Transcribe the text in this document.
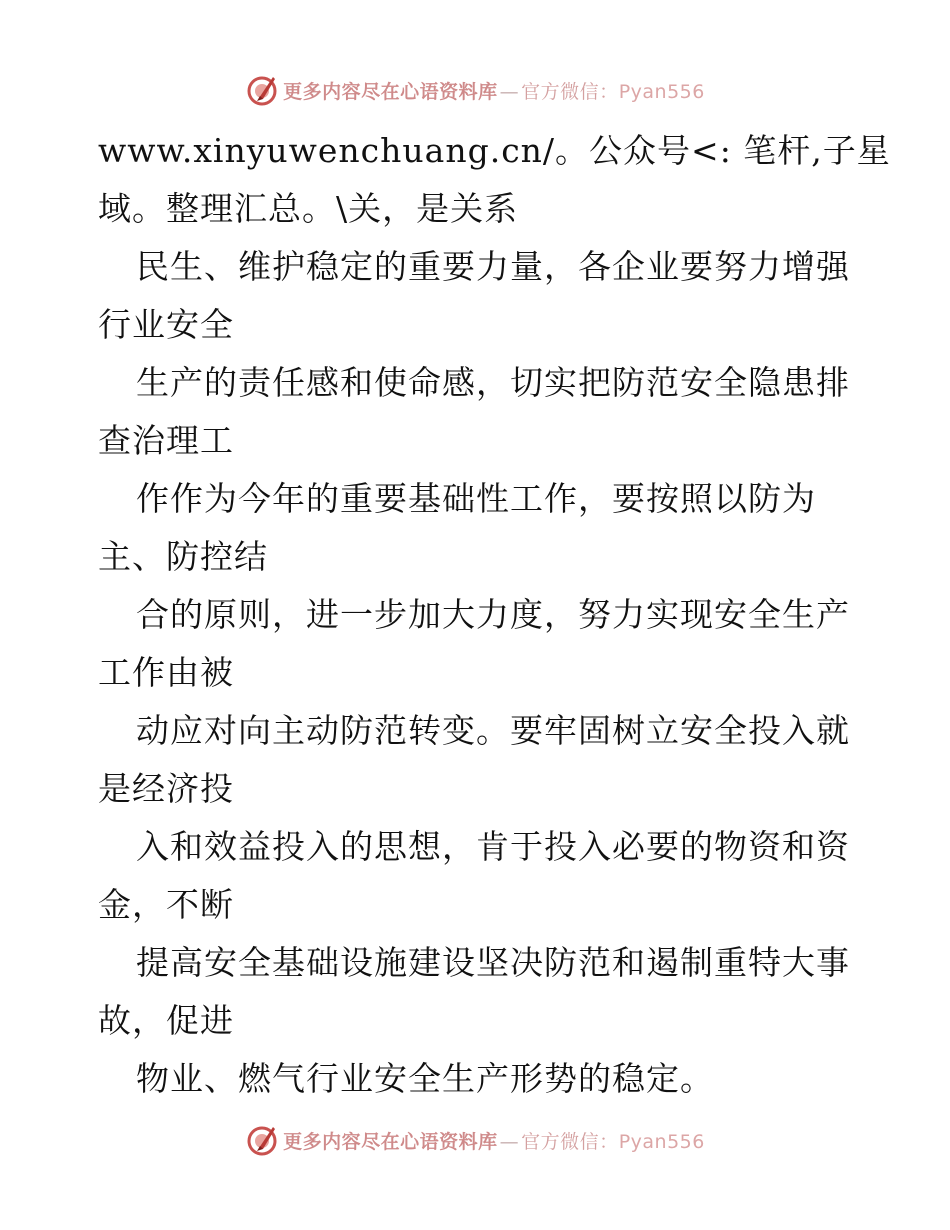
更多内容尽在心语资料库 — 官方微信：Pyan556
www.xinyuwenchuang.cn/。公众号<: 笔杆,子星
域。整理汇总。\关，是关系
民生、维护稳定的重要力量，各企业要努力增强
行业安全
生产的责任感和使命感，切实把防范安全隐患排
查治理工
作作为今年的重要基础性工作，要按照以防为
主、防控结
合的原则，进一步加大力度，努力实现安全生产
工作由被
动应对向主动防范转变。要牢固树立安全投入就
是经济投
入和效益投入的思想，肯于投入必要的物资和资
金，不断
提高安全基础设施建设坚决防范和遏制重特大事
故，促进
物业、燃气行业安全生产形势的稳定。
更多内容尽在心语资料库 — 官方微信：Pyan556
